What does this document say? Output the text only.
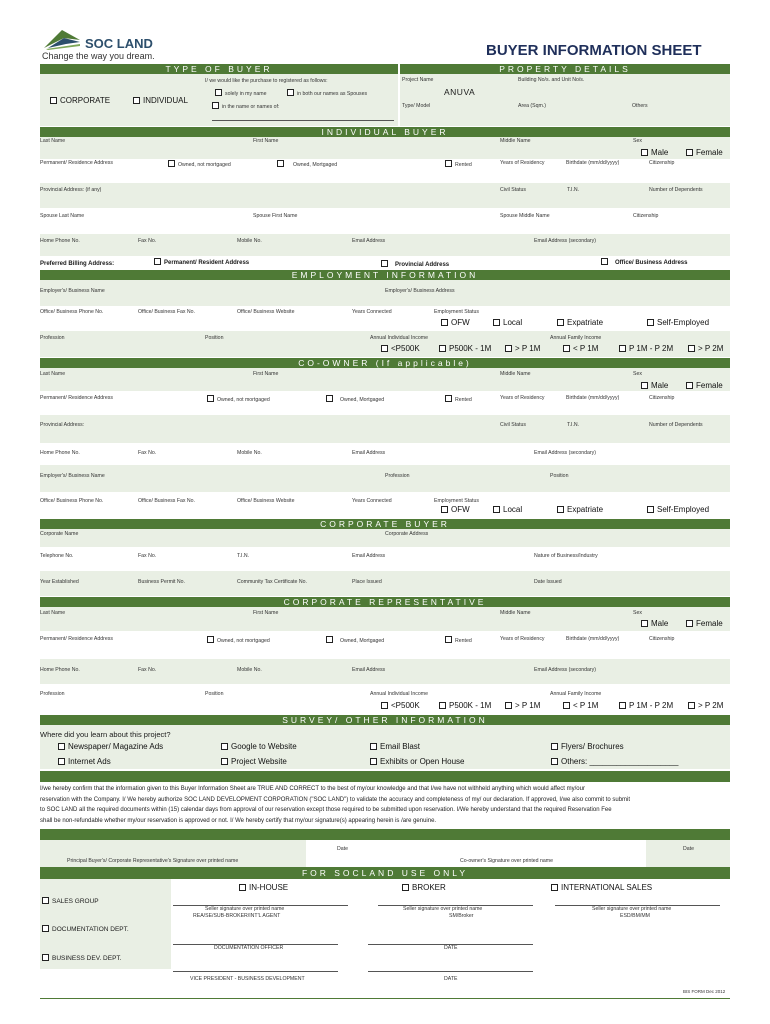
SOC LAND
Change the way you dream.	BUYER INFORMATION SHEET
TYPE OF BUYER	PROPERTY DETAILS
CORPORATE	INDIVIDUAL
I/ we would like the purchase to registered as follows:
solely in my name	in both our names as Spouses
in the name or names of:
Project Name
ANUVA
Building No/s. and Unit No/s.
Type/ Model	Area (Sqm.)	Others
INDIVIDUAL BUYER
Last Name	First Name	Middle Name	Sex
Male	Female
Permanent/ Residence Address	Owned, not mortgaged	Owned, Mortgaged	Rented	Years of Residency	Birthdate (mm/dd/yyyy)	Citizenship
Provincial Address: (if any)	Civil Status	T.I.N.	Number of Dependents
Spouse Last Name	Spouse First Name	Spouse Middle Name	Citizenship
Home Phone No.	Fax No.	Mobile No.	Email Address	Email Address (secondary)
Preferred Billing Address:	Permanent/ Resident Address	Provincial Address	Office/ Business Address
EMPLOYMENT INFORMATION
Employer's/ Business Name	Employer's/ Business Address
Office/ Business Phone No.	Office/ Business Fax No.	Office/ Business Website	Years Connected	Employment Status
OFW	Local	Expatriate	Self-Employed
Profession	Position	Annual Individual Income	Annual Family Income
<P500K	P500K - 1M	> P 1M	< P 1M	P 1M - P 2M	> P 2M
CO-OWNER (If applicable)
Last Name	First Name	Middle Name	Sex
Male	Female
Permanent/ Residence Address	Owned, not mortgaged	Owned, Mortgaged	Rented	Years of Residency	Birthdate (mm/dd/yyyy)	Citizenship
Provincial Address:	Civil Status	T.I.N.	Number of Dependents
Home Phone No.	Fax No.	Mobile No.	Email Address	Email Address (secondary)
Employer's/ Business Name	Profession	Position
Office/ Business Phone No.	Office/ Business Fax No.	Office/ Business Website	Years Connected	Employment Status
OFW	Local	Expatriate	Self-Employed
CORPORATE BUYER
Corporate Name	Corporate Address
Telephone No.	Fax No.	T.I.N.	Email Address	Nature of Business/Industry
Year Established	Business Permit No.	Community Tax Certificate No.	Place Issued	Date Issued
CORPORATE REPRESENTATIVE
Last Name	First Name	Middle Name	Sex
Male	Female
Permanent/ Residence Address	Owned, not mortgaged	Owned, Mortgaged	Rented	Years of Residency	Birthdate (mm/dd/yyyy)	Citizenship
Home Phone No.	Fax No.	Mobile No.	Email Address	Email Address (secondary)
Profession	Position	Annual Individual Income	Annual Family Income
<P500K	P500K - 1M	> P 1M	< P 1M	P 1M - P 2M	> P 2M
SURVEY/ OTHER INFORMATION
Where did you learn about this project?
Newspaper/ Magazine Ads	Google to Website	Email Blast	Flyers/ Brochures
Internet Ads	Project Website	Exhibits or Open House	Others: ____________________
I/we hereby confirm that the information given to this Buyer Information Sheet are TRUE AND CORRECT to the best of my/our knowledge and that I/we have not withheld anything which would affect my/our
reservation with the Company. I/ We hereby authorize SOC LAND DEVELOPMENT CORPORATION ("SOC LAND") to validate the accuracy and completeness of my/ our declaration. If approved, I/we also commit to submit
to SOC LAND all the required documents within (15) calendar days from approval of our reservation except those required to be submitted upon reservation. I/We hereby understand that the required Reservation Fee
shall be non-refundable whether my/our reservation is approved or not. I/ We hereby certify that my/our signature(s) appearing herein is /are genuine.
Date	Date
Principal Buyer's/ Corporate Representative's Signature over printed name	Co-owner's Signature over printed name
FOR SOCLAND USE ONLY
SALES GROUP
DOCUMENTATION DEPT.
BUSINESS DEV. DEPT.
IN-HOUSE	BROKER	INTERNATIONAL SALES
Seller signature over printed name
REA/SE/SUB-BROKER/INT'L AGENT
Seller signature over printed name
SM/Broker
Seller signature over printed name
ESD/BM/MM
DOCUMENTATION OFFICER	DATE
VICE PRESIDENT - BUSINESS DEVELOPMENT	DATE
BIS FORM Dec 2012
